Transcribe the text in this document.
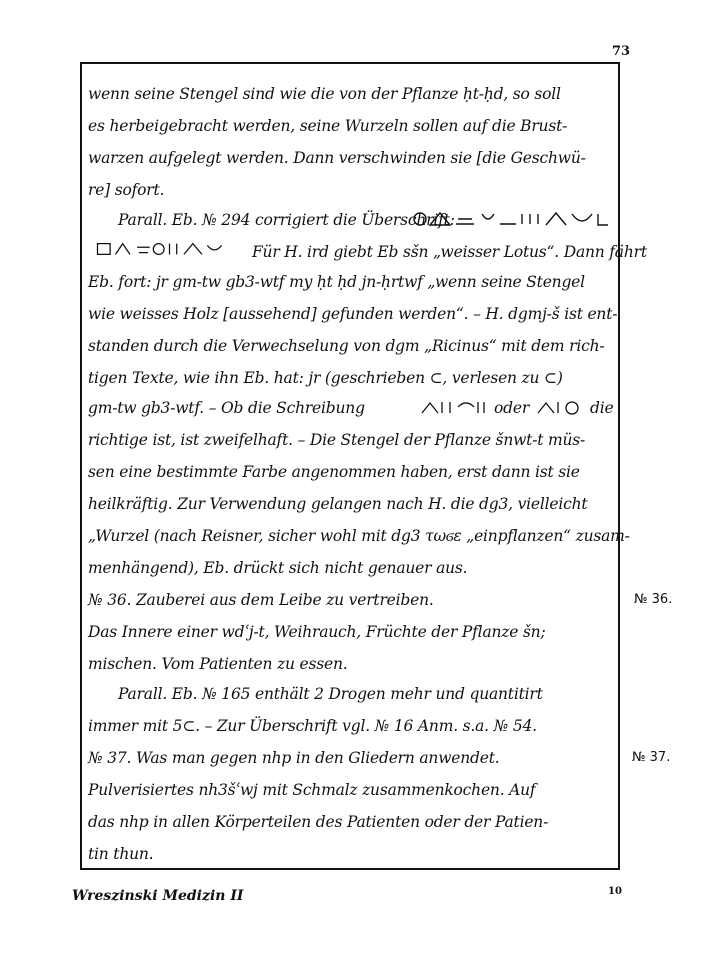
73
wenn seine Stengel sind wie die von der Pflanze ḥt-ḥd, so soll
es herbeigebracht werden, seine Wurzeln sollen auf die Brust-
warzen aufgelegt werden. Dann verschwinden sie [die Geschwü-
re] sofort.
Parall. Eb. № 294 corrigiert die Überschrift:
Für H. ird giebt Eb sšn „weisser Lotus“. Dann fährt
Eb. fort: jr gm-tw gb3-wtf my ḥt ḥd jn-ḥrtwf „wenn seine Stengel
wie weisses Holz [aussehend] gefunden werden“. – H. dgmj-š ist ent-
standen durch die Verwechselung von dgm „Ricinus“ mit dem rich-
tigen Texte, wie ihn Eb. hat: jr (geschrieben ⊂, verlesen zu ⊂)
gm-tw gb3-wtf. – Ob die Schreibung	oder	die
richtige ist, ist zweifelhaft. – Die Stengel der Pflanze šnwt-t müs-
sen eine bestimmte Farbe angenommen haben, erst dann ist sie
heilkräftig. Zur Verwendung gelangen nach H. die dg3, vielleicht
„Wurzel (nach Reisner, sicher wohl mit dg3 τωϭε „einpflanzen“ zusam-
menhängend), Eb. drückt sich nicht genauer aus.
№ 36. Zauberei aus dem Leibe zu vertreiben.	№ 36.
Das Innere einer wdʿj-t, Weihrauch, Früchte der Pflanze šn;
mischen. Vom Patienten zu essen.
Parall. Eb. № 165 enthält 2 Drogen mehr und quantitirt
immer mit 5⊂. – Zur Überschrift vgl. № 16 Anm. s.a. № 54.
№ 37. Was man gegen nhp in den Gliedern anwendet.	№ 37.
Pulverisiertes nh3šʿwj mit Schmalz zusammenkochen. Auf
das nhp in allen Körperteilen des Patienten oder der Patien-
tin thun.
Wreszinski Medizin II	10
